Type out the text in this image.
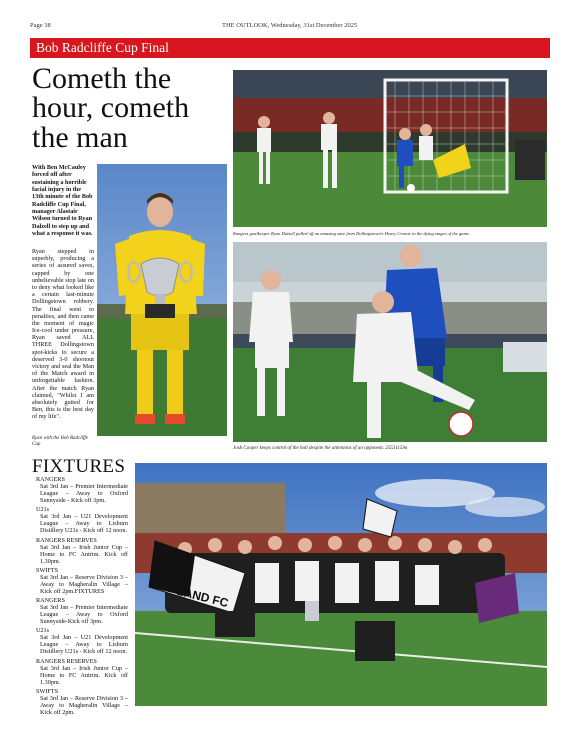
Page 38	THE OUTLOOK, Wednesday, 31st December 2025
Bob Radcliffe Cup Final
Cometh the hour, cometh the man
With Ben McCauley forced off after sustaining a horrible facial injury in the 13th minute of the Bob Radcliffe Cup Final, manager Alastair Wilson turned to Ryan Dalzell to step up and what a response it was.
Ryan stepped in superbly, producing a series of assured saves, capped by one unbelievable stop late on to deny what looked like a certain last-minute Dollingstown robbery. The final went to penalties, and then came the moment of magic Ice-cool under pressure, Ryan saved ALL THREE Dollingstown spot-kicks to secure a deserved 3-0 shootout victory and seal the Man of the Match award in unforgettable fashion. After the match Ryan claimed, "Whilst I am absolutely gutted for Ben, this is the best day of my life".
Ryan with the Bob Radcliffe Cup
Rangers goalkeeper Ryan Dalzell pulled off an amazing save from Dollingstown's Henry Cromie in the dying stages of the game.
Josh Cooper keeps control of the ball despite the attentions of an opponent. 2553115lm
LAND FC
FIXTURES
RANGERS
Sat 3rd Jan – Premier Intermediate League – Away to Oxford Sunnyside - Kick off 3pm.
U21s
Sat 3rd Jan – U21 Development League – Away to Lisburn Distillery U21s - Kick off 12 noon.
RANGERS RESERVES
Sat 3rd Jan – Irish Junior Cup – Home to FC Antrim. Kick off 1.30pm.
SWIFTS
Sat 3rd Jan – Reserve Division 3 – Away to Magheralin Village – Kick off 2pm.FIXTURES
RANGERS
Sat 3rd Jan – Premier Intermediate League – Away to Oxford Sunnyside-Kick off 3pm.
U21s
Sat 3rd Jan – U21 Development League – Away to Lisburn Distillery U21s - Kick off 12 noon.
RANGERS RESERVES
Sat 3rd Jan – Irish Junior Cup – Home to FC Antrim. Kick off 1.30pm.
SWIFTS
Sat 3rd Jan – Reserve Division 3 – Away to Magheralin Village – Kick off 2pm.
